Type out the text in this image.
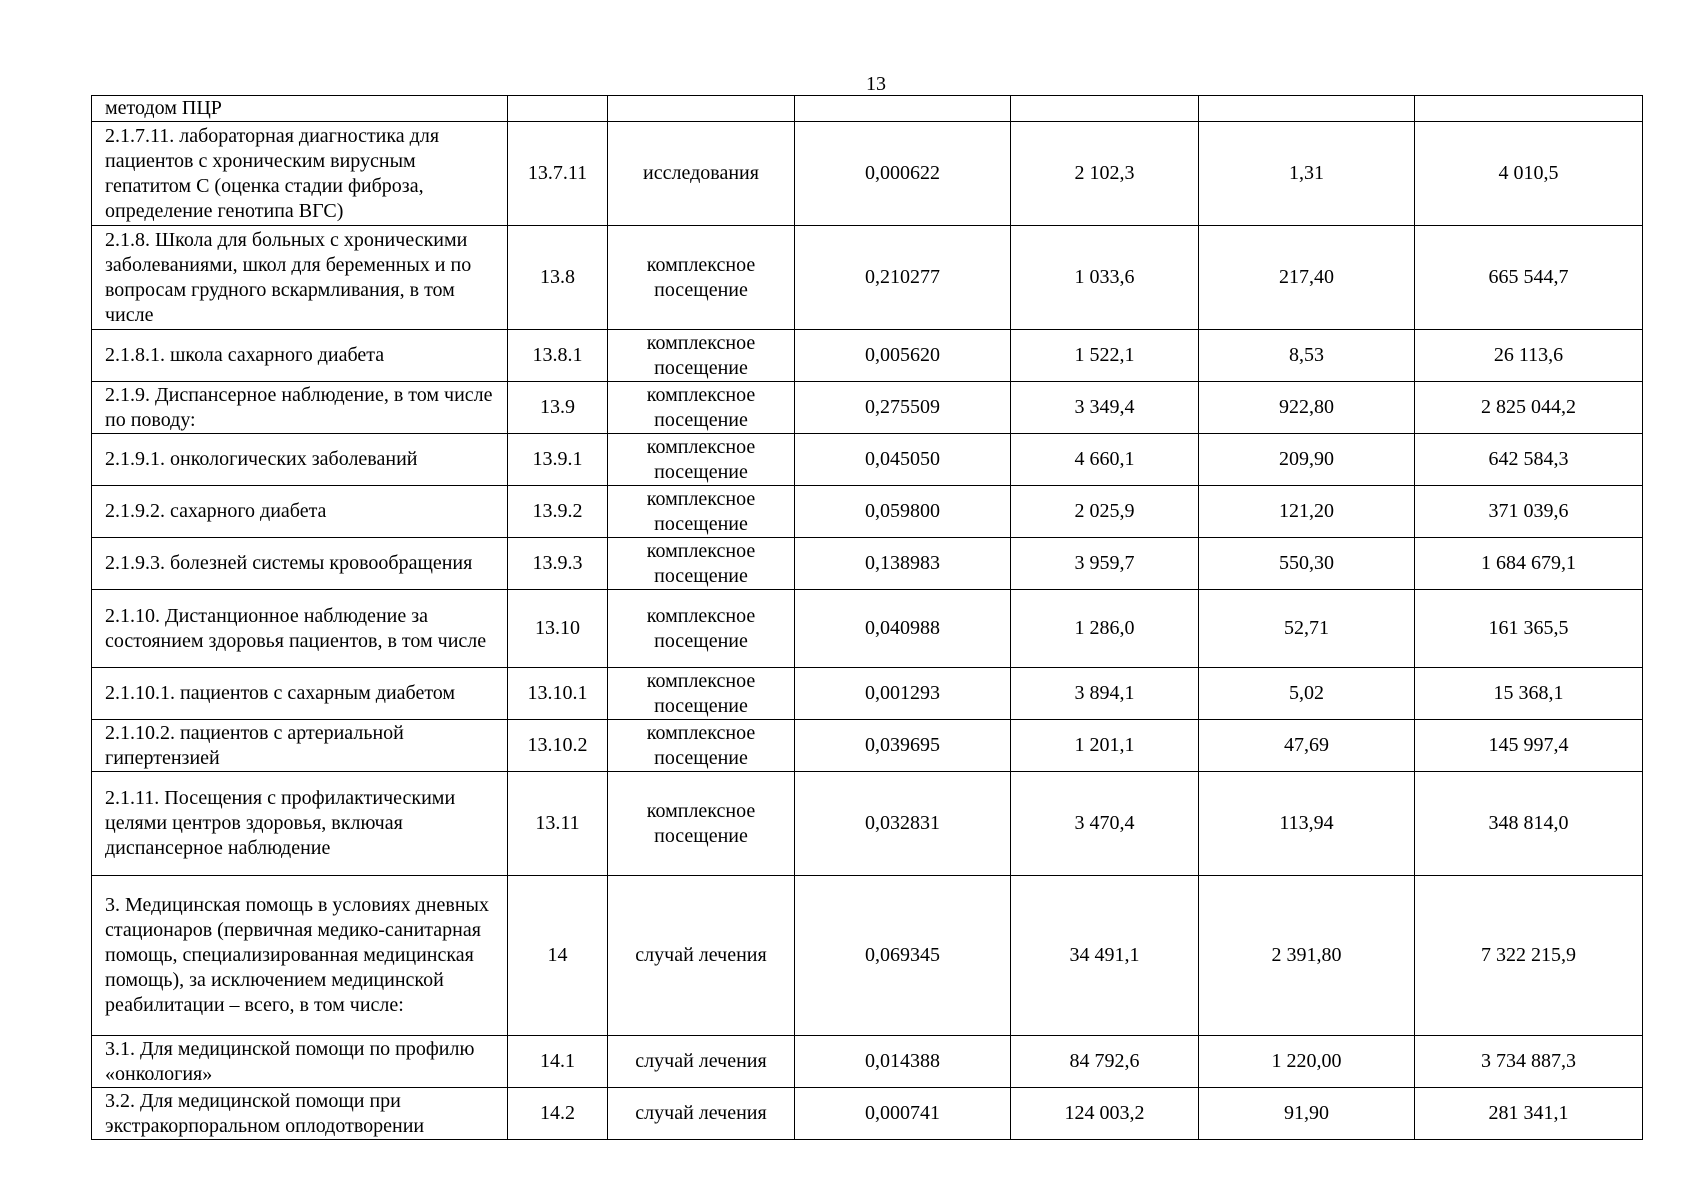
13
методом ПЦР						
2.1.7.11. лабораторная диагностика для пациентов с хроническим вирусным гепатитом С (оценка стадии фиброза, определение генотипа ВГС)	13.7.11	исследования	0,000622	2 102,3	1,31	4 010,5
2.1.8. Школа для больных с хроническими заболеваниями, школ для беременных и по вопросам грудного вскармливания, в том числе	13.8	комплексное посещение	0,210277	1 033,6	217,40	665 544,7
2.1.8.1. школа сахарного диабета	13.8.1	комплексное посещение	0,005620	1 522,1	8,53	26 113,6
2.1.9. Диспансерное наблюдение, в том числе по поводу:	13.9	комплексное посещение	0,275509	3 349,4	922,80	2 825 044,2
2.1.9.1. онкологических заболеваний	13.9.1	комплексное посещение	0,045050	4 660,1	209,90	642 584,3
2.1.9.2. сахарного диабета	13.9.2	комплексное посещение	0,059800	2 025,9	121,20	371 039,6
2.1.9.3. болезней системы кровообращения	13.9.3	комплексное посещение	0,138983	3 959,7	550,30	1 684 679,1
2.1.10. Дистанционное наблюдение за состоянием здоровья пациентов, в том числе	13.10	комплексное посещение	0,040988	1 286,0	52,71	161 365,5
2.1.10.1. пациентов с сахарным диабетом	13.10.1	комплексное посещение	0,001293	3 894,1	5,02	15 368,1
2.1.10.2. пациентов с артериальной гипертензией	13.10.2	комплексное посещение	0,039695	1 201,1	47,69	145 997,4
2.1.11. Посещения с профилактическими целями центров здоровья, включая диспансерное наблюдение	13.11	комплексное посещение	0,032831	3 470,4	113,94	348 814,0
3. Медицинская помощь в условиях дневных стационаров (первичная медико-санитарная помощь, специализированная медицинская помощь), за исключением медицинской реабилитации – всего, в том числе:	14	случай лечения	0,069345	34 491,1	2 391,80	7 322 215,9
3.1. Для медицинской помощи по профилю «онкология»	14.1	случай лечения	0,014388	84 792,6	1 220,00	3 734 887,3
3.2. Для медицинской помощи при экстракорпоральном оплодотворении	14.2	случай лечения	0,000741	124 003,2	91,90	281 341,1
